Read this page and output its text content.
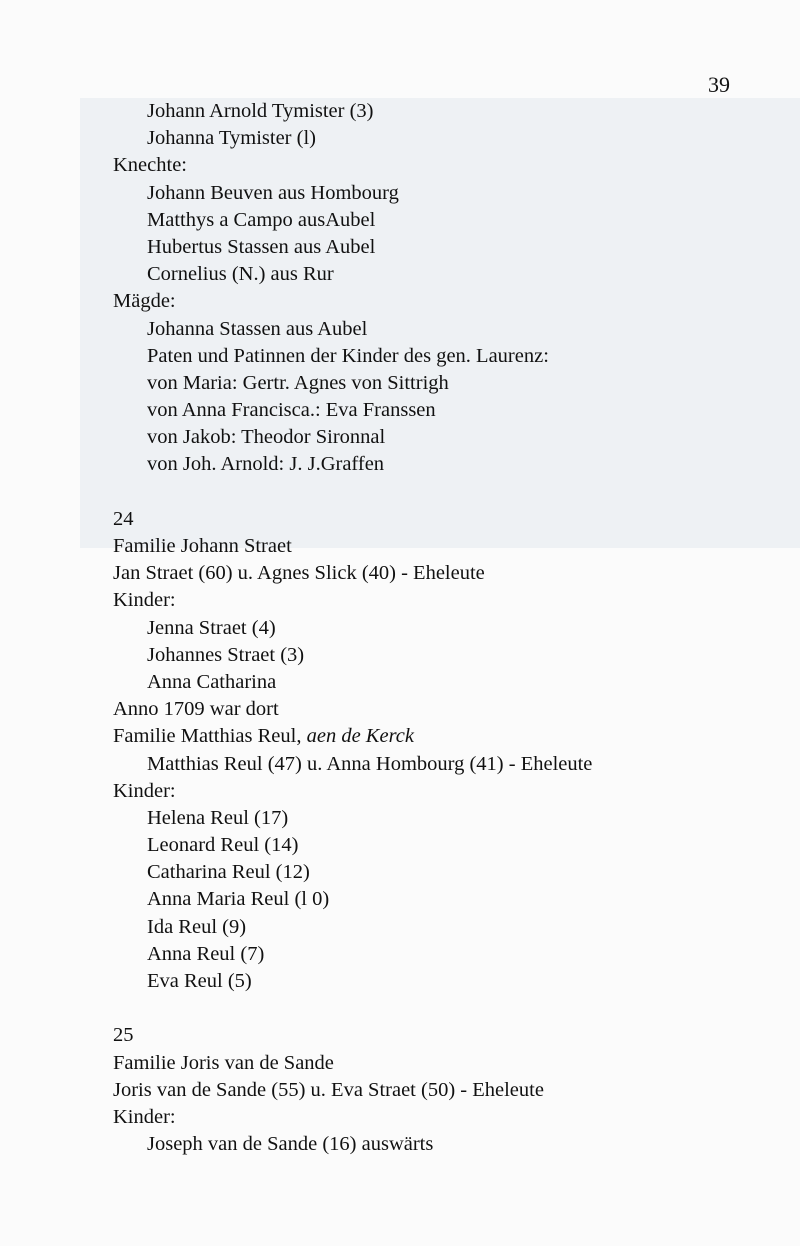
39
Johann Arnold Tymister (3)
Johanna Tymister (l)
Knechte:
Johann Beuven aus Hombourg
Matthys a Campo ausAubel
Hubertus Stassen aus Aubel
Cornelius (N.) aus Rur
Mägde:
Johanna Stassen aus Aubel
Paten und Patinnen der Kinder des gen. Laurenz:
von Maria: Gertr. Agnes von Sittrigh
von Anna Francisca.: Eva Franssen
von Jakob: Theodor Sironnal
von Joh. Arnold: J. J.Graffen
24
Familie Johann Straet
Jan Straet (60) u. Agnes Slick (40) - Eheleute
Kinder:
Jenna Straet (4)
Johannes Straet (3)
Anna Catharina
Anno 1709 war dort
Familie Matthias Reul, aen de Kerck
Matthias Reul (47) u. Anna Hombourg (41) - Eheleute
Kinder:
Helena Reul (17)
Leonard Reul (14)
Catharina Reul (12)
Anna Maria Reul (l 0)
Ida Reul (9)
Anna Reul (7)
Eva Reul (5)
25
Familie Joris van de Sande
Joris van de Sande (55) u. Eva Straet (50) - Eheleute
Kinder:
Joseph van de Sande (16) auswärts
